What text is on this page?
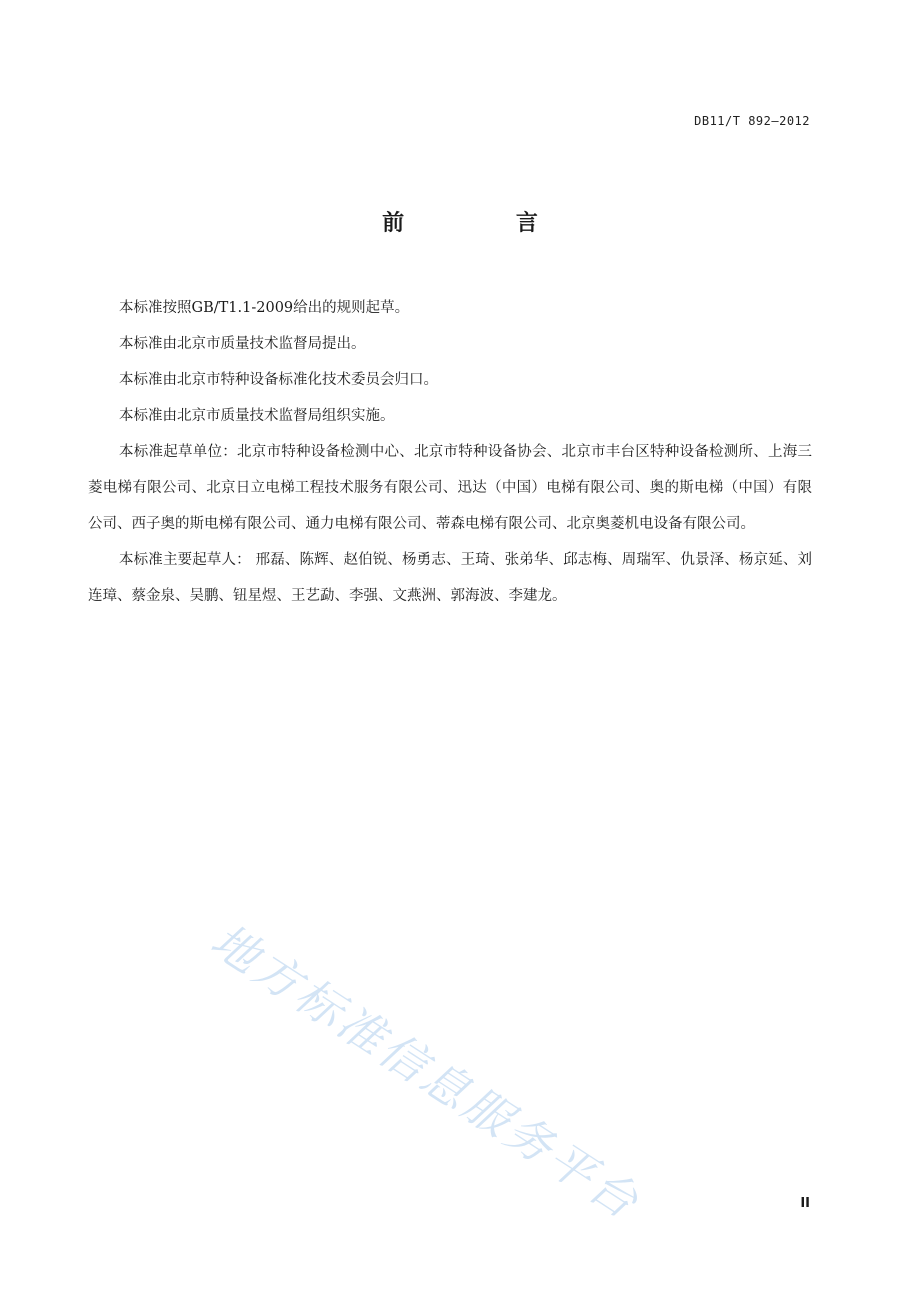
DB11/T 892—2012
前 言

本标准按照GB/T1.1-2009给出的规则起草。

本标准由北京市质量技术监督局提出。

本标准由北京市特种设备标准化技术委员会归口。

本标准由北京市质量技术监督局组织实施。

本标准起草单位：北京市特种设备检测中心、北京市特种设备协会、北京市丰台区特种设备检测所、上海三菱电梯有限公司、北京日立电梯工程技术服务有限公司、迅达（中国）电梯有限公司、奥的斯电梯（中国）有限公司、西子奥的斯电梯有限公司、通力电梯有限公司、蒂森电梯有限公司、北京奥菱机电设备有限公司。

本标准主要起草人： 邢磊、陈辉、赵伯锐、杨勇志、王琦、张弟华、邱志梅、周瑞军、仇景泽、杨京延、刘连璋、蔡金泉、吴鹏、钮星煜、王艺勐、李强、文燕洲、郭海波、李建龙。

地方标准信息服务平台	II
